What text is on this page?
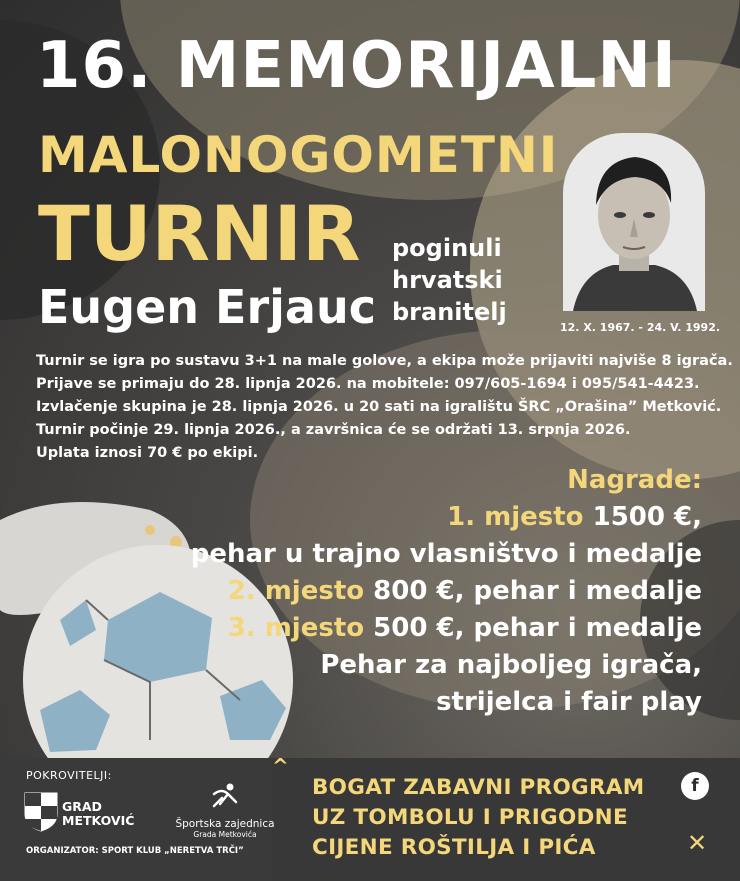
16. MEMORIJALNI
MALONOGOMETNI
TURNIR
Eugen Erjauc
poginuli
hrvatski
branitelj
12. X. 1967. - 24. V. 1992.
Turnir se igra po sustavu 3+1 na male golove, a ekipa može prijaviti najviše 8 igrača.
Prijave se primaju do 28. lipnja 2026. na mobitele: 097/605-1694 i 095/541-4423.
Izvlačenje skupina je 28. lipnja 2026. u 20 sati na igralištu ŠRC „Orašina” Metković.
Turnir počinje 29. lipnja 2026., a završnica će se održati 13. srpnja 2026.
Uplata iznosi 70 € po ekipi.
Nagrade:
1. mjesto 1500 €,
pehar u trajno vlasništvo i medalje
2. mjesto 800 €, pehar i medalje
3. mjesto 500 €, pehar i medalje
Pehar za najboljeg igrača,
strijelca i fair play
^
POKROVITELJI:
GRAD
METKOVIĆ	Športska zajednica
Grada Metkovića
ORGANIZATOR: SPORT KLUB „NERETVA TRČI”
BOGAT ZABAVNI PROGRAM
UZ TOMBOLU I PRIGODNE
CIJENE ROŠTILJA I PIĆA
f
✕
